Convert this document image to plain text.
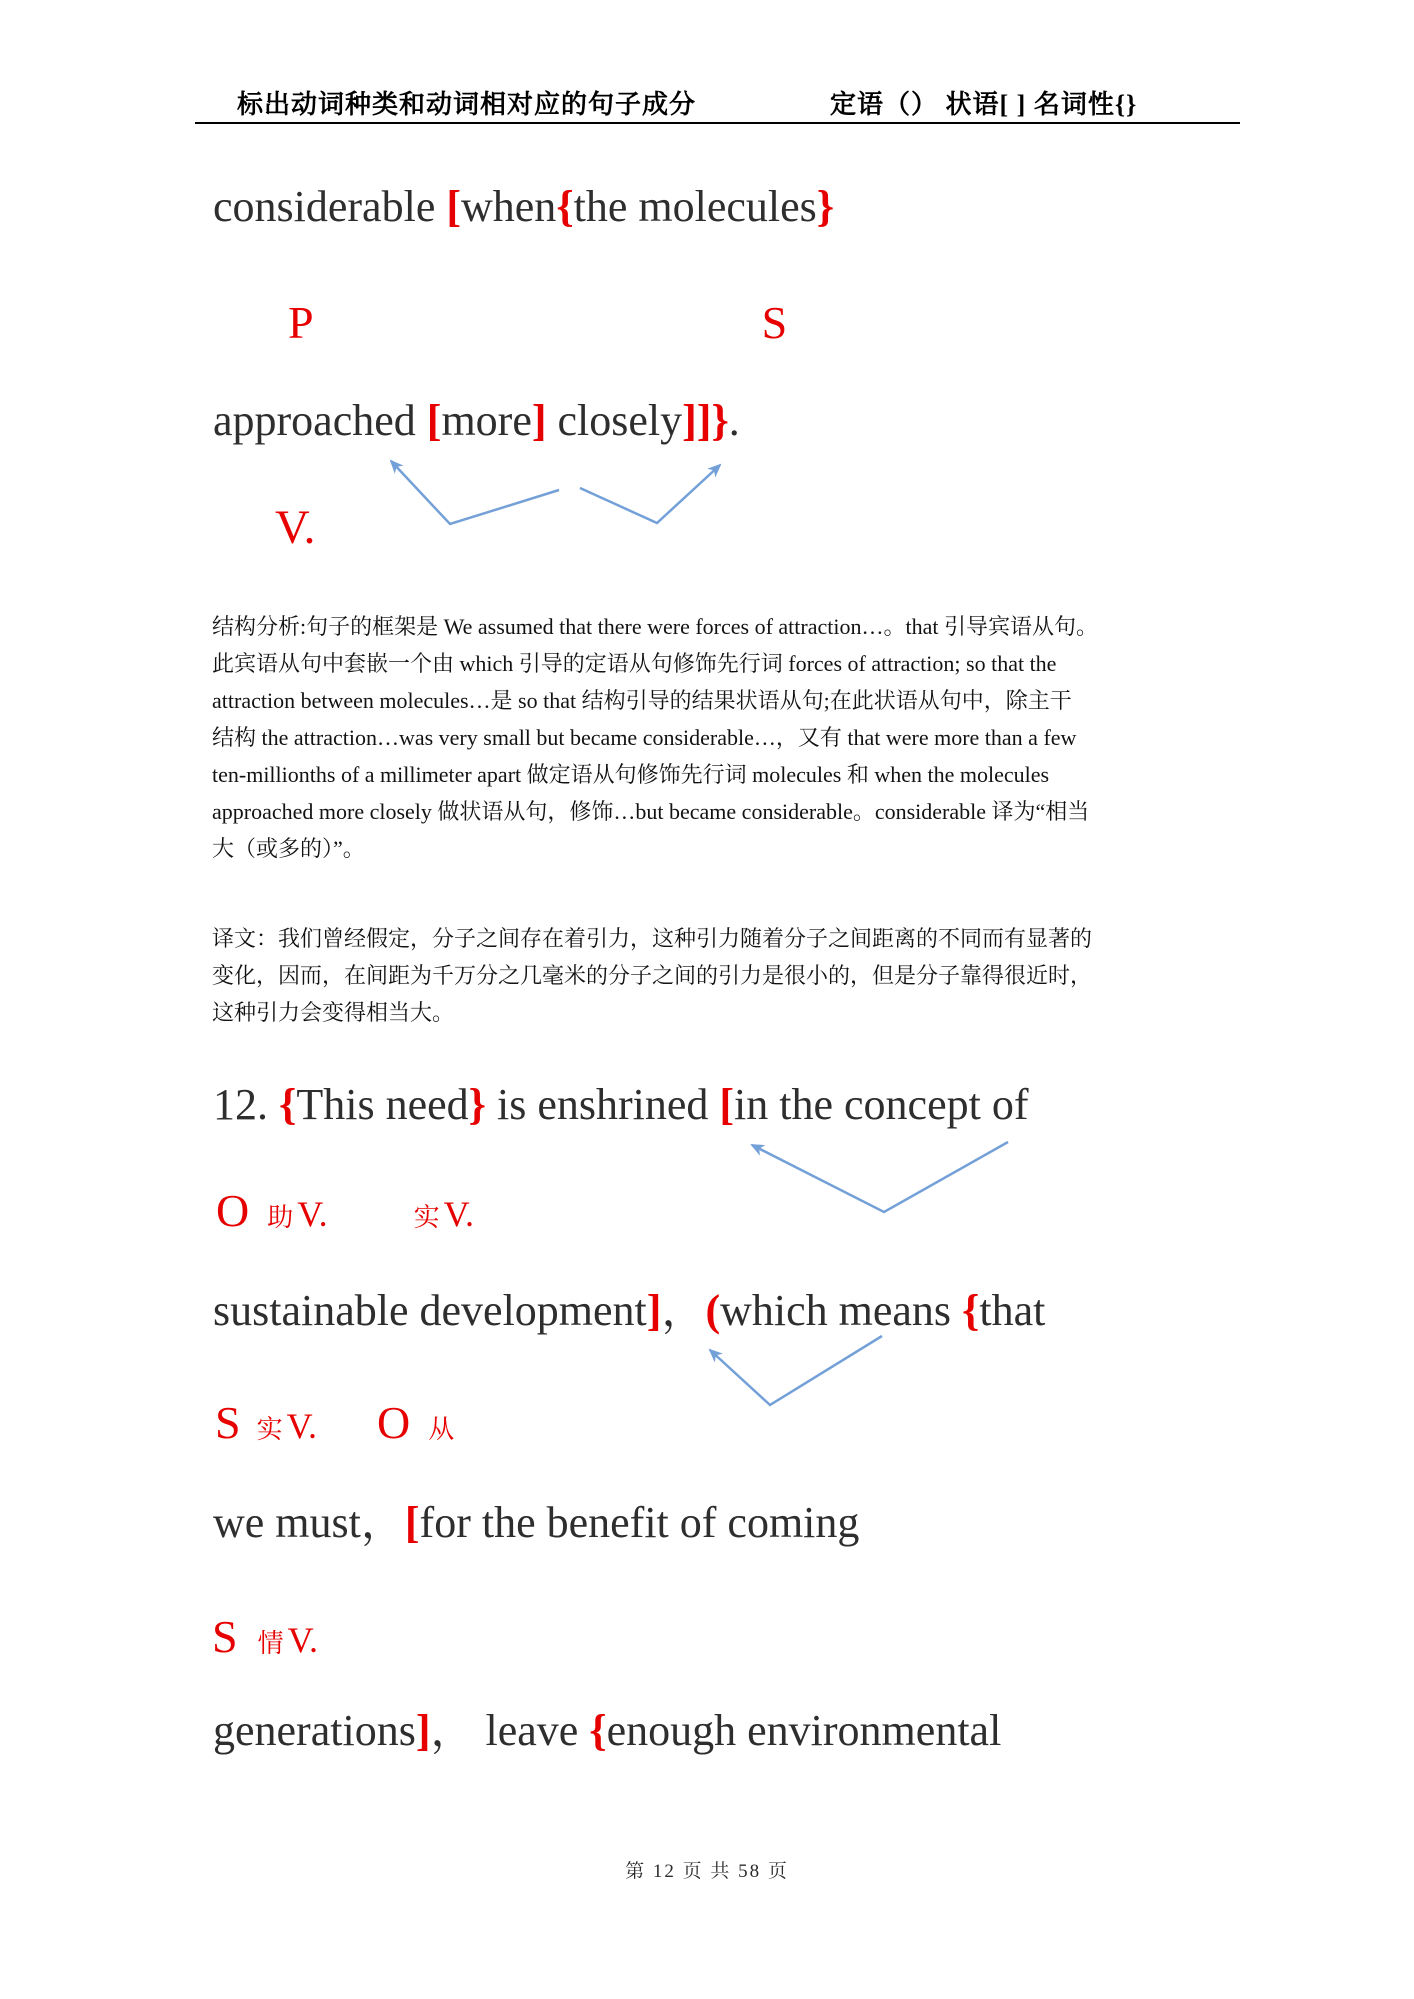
标出动词种类和动词相对应的句子成分	定语（） 状语[ ] 名词性{}
considerable [when{the molecules}
P	S
approached [more] closely]]}.
V.
结构分析:句子的框架是 We assumed that there were forces of attraction…。that 引导宾语从句。
此宾语从句中套嵌一个由 which 引导的定语从句修饰先行词 forces of attraction; so that the
attraction between molecules…是 so that 结构引导的结果状语从句;在此状语从句中，除主干
结构 the attraction…was very small but became considerable…，又有 that were more than a few
ten-millionths of a millimeter apart 做定语从句修饰先行词 molecules 和 when the molecules
approached more closely 做状语从句，修饰…but became considerable。considerable 译为“相当
大（或多的）”。
译文：我们曾经假定，分子之间存在着引力，这种引力随着分子之间距离的不同而有显著的
变化，因而，在间距为千万分之几毫米的分子之间的引力是很小的，但是分子靠得很近时，
这种引力会变得相当大。
12. {This need} is enshrined [in the concept of
O 助 V.	实 V.
sustainable development]，(which means {that
S 实 V. O 从
we must，[for the benefit of coming
S 情 V.
generations]， leave {enough environmental
第 12 页 共 58 页
